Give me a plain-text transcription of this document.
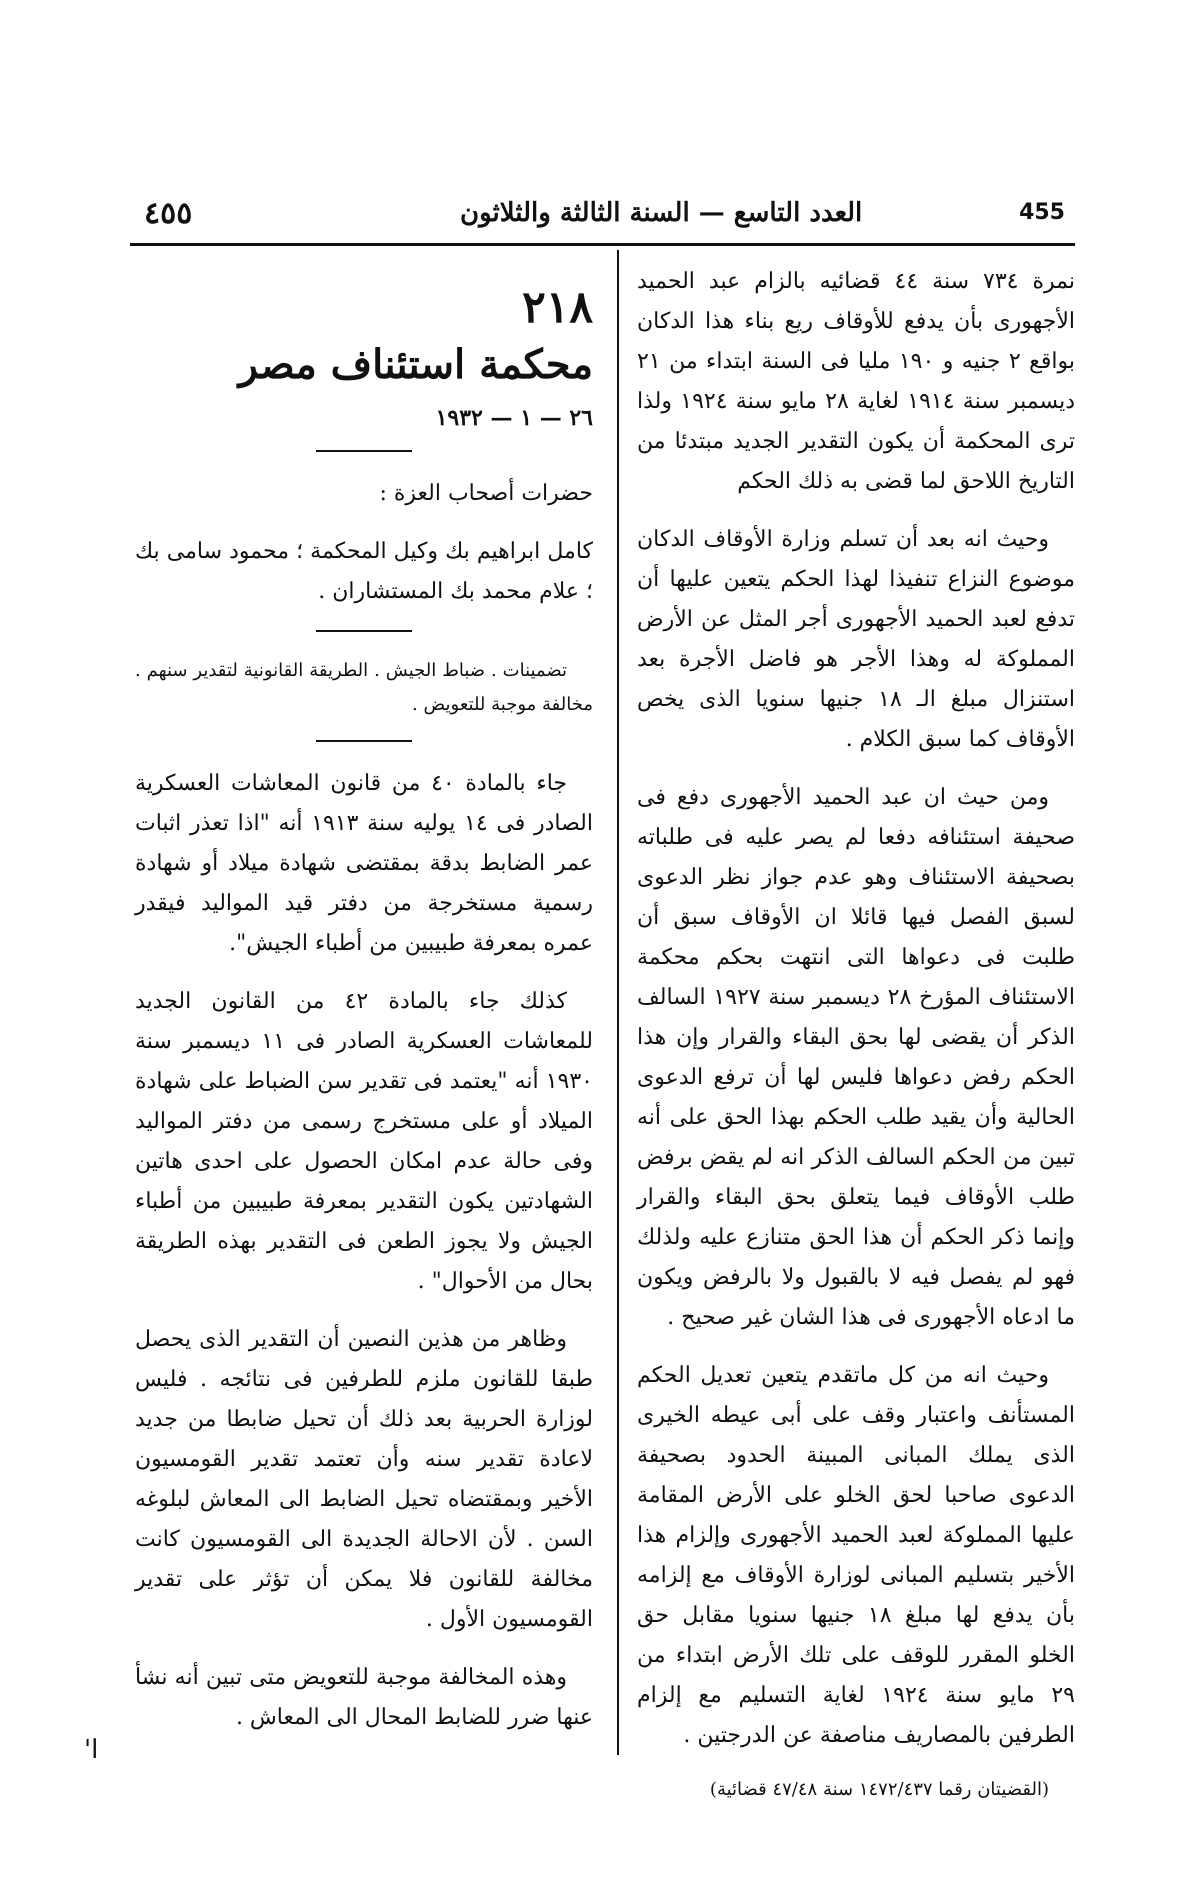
٤٥٥	العدد التاسع — السنة الثالثة والثلاثون	455

نمرة ٧٣٤ سنة ٤٤ قضائيه بالزام عبد الحميد الأجهورى بأن يدفع للأوقاف ريع بناء هذا الدكان بواقع ٢ جنيه و ١٩٠ مليا فى السنة ابتداء من ٢١ ديسمبر سنة ١٩١٤ لغاية ٢٨ مايو سنة ١٩٢٤ ولذا ترى المحكمة أن يكون التقدير الجديد مبتدئا من التاريخ اللاحق لما قضى به ذلك الحكم

وحيث انه بعد أن تسلم وزارة الأوقاف الدكان موضوع النزاع تنفيذا لهذا الحكم يتعين عليها أن تدفع لعبد الحميد الأجهورى أجر المثل عن الأرض المملوكة له وهذا الأجر هو فاضل الأجرة بعد استنزال مبلغ الـ ١٨ جنيها سنويا الذى يخص الأوقاف كما سبق الكلام .

ومن حيث ان عبد الحميد الأجهورى دفع فى صحيفة استئنافه دفعا لم يصر عليه فى طلباته بصحيفة الاستئناف وهو عدم جواز نظر الدعوى لسبق الفصل فيها قائلا ان الأوقاف سبق أن طلبت فى دعواها التى انتهت بحكم محكمة الاستئناف المؤرخ ٢٨ ديسمبر سنة ١٩٢٧ السالف الذكر أن يقضى لها بحق البقاء والقرار وإن هذا الحكم رفض دعواها فليس لها أن ترفع الدعوى الحالية وأن يقيد طلب الحكم بهذا الحق على أنه تبين من الحكم السالف الذكر انه لم يقض برفض طلب الأوقاف فيما يتعلق بحق البقاء والقرار وإنما ذكر الحكم أن هذا الحق متنازع عليه ولذلك فهو لم يفصل فيه لا بالقبول ولا بالرفض ويكون ما ادعاه الأجهورى فى هذا الشان غير صحيح .

وحيث انه من كل ماتقدم يتعين تعديل الحكم المستأنف واعتبار وقف على أبى عيطه الخيرى الذى يملك المبانى المبينة الحدود بصحيفة الدعوى صاحبا لحق الخلو على الأرض المقامة عليها المملوكة لعبد الحميد الأجهورى وإلزام هذا الأخير بتسليم المبانى لوزارة الأوقاف مع إلزامه بأن يدفع لها مبلغ ١٨ جنيها سنويا مقابل حق الخلو المقرر للوقف على تلك الأرض ابتداء من ٢٩ مايو سنة ١٩٢٤ لغاية التسليم مع إلزام الطرفين بالمصاريف مناصفة عن الدرجتين .

(القضيتان رقما ١٤٧٢/٤٣٧ سنة ٤٧/٤٨ قضائية)

٢١٨
محكمة استئناف مصر
٢٦ — ١ — ١٩٣٢

حضرات أصحاب العزة :

كامل ابراهيم بك وكيل المحكمة ؛ محمود سامى بك ؛ علام محمد بك المستشاران .

تضمينات . ضباط الجيش . الطريقة القانونية لتقدير سنهم . مخالفة موجبة للتعويض .

جاء بالمادة ٤٠ من قانون المعاشات العسكرية الصادر فى ١٤ يوليه سنة ١٩١٣ أنه "اذا تعذر اثبات عمر الضابط بدقة بمقتضى شهادة ميلاد أو شهادة رسمية مستخرجة من دفتر قيد المواليد فيقدر عمره بمعرفة طبيبين من أطباء الجيش".

كذلك جاء بالمادة ٤٢ من القانون الجديد للمعاشات العسكرية الصادر فى ١١ ديسمبر سنة ١٩٣٠ أنه "يعتمد فى تقدير سن الضباط على شهادة الميلاد أو على مستخرج رسمى من دفتر المواليد وفى حالة عدم امكان الحصول على احدى هاتين الشهادتين يكون التقدير بمعرفة طبيبين من أطباء الجيش ولا يجوز الطعن فى التقدير بهذه الطريقة بحال من الأحوال" .

وظاهر من هذين النصين أن التقدير الذى يحصل طبقا للقانون ملزم للطرفين فى نتائجه . فليس لوزارة الحربية بعد ذلك أن تحيل ضابطا من جديد لاعادة تقدير سنه وأن تعتمد تقدير القومسيون الأخير وبمقتضاه تحيل الضابط الى المعاش لبلوغه السن . لأن الاحالة الجديدة الى القومسيون كانت مخالفة للقانون فلا يمكن أن تؤثر على تقدير القومسيون الأول .

وهذه المخالفة موجبة للتعويض متى تبين أنه نشأ عنها ضرر للضابط المحال الى المعاش .

'ا
